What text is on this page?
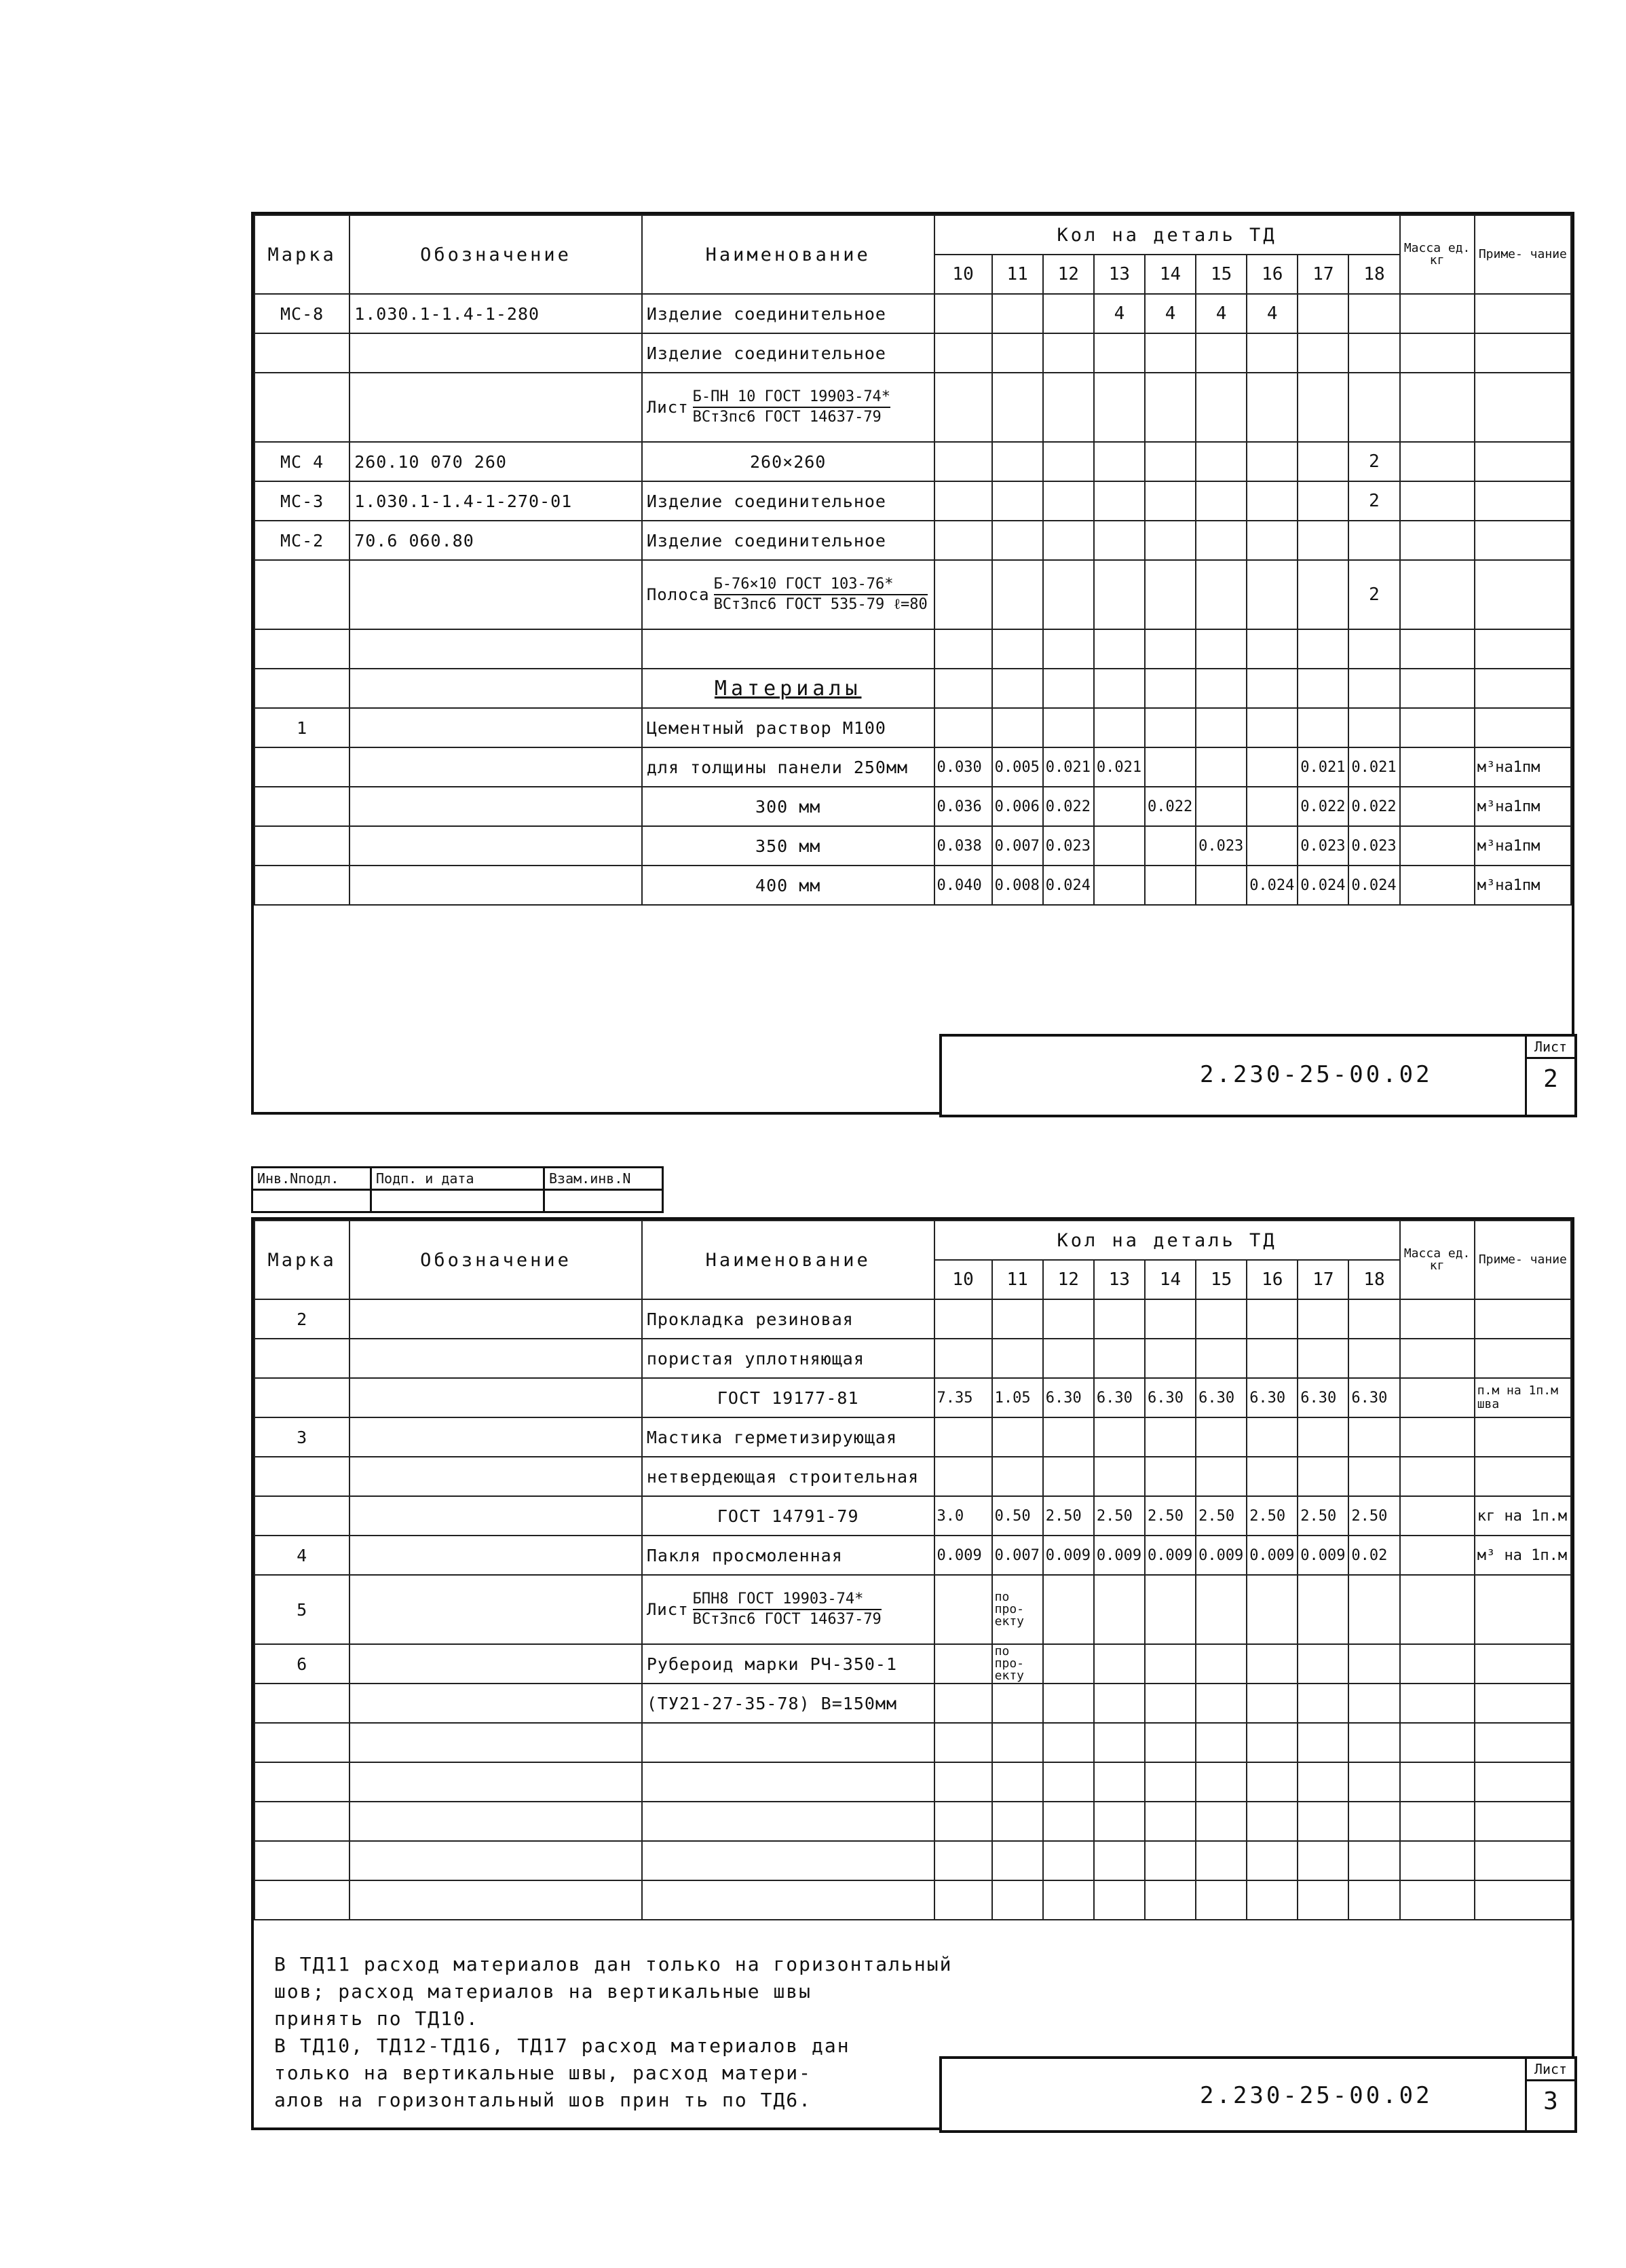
Марка	Обозначение	Наименование	Кол на деталь ТД									Масса ед. кг	Приме- чание
			10	11	12	13	14	15	16	17	18		
МС-8	1.030.1-1.4-1-280	Изделие соединительное				4	4	4	4				
		Изделие соединительное											
		Лист $\frac{\text{Б-ПН 10 ГОСТ 19903-74*}}{\text{ВСт3пс6 ГОСТ 14637-79}}$											
МС 4	260.10 070 260	260×260									2		
МС-3	1.030.1-1.4-1-270-01	Изделие соединительное									2		
МС-2	70.6 060.80	Изделие соединительное											
		Полоса $\frac{\text{Б-76×10 ГОСТ 103-76*}}{\text{ВСт3пс6 ГОСТ 535-79 ℓ=80}}$									2		

		Материалы											
1		Цементный раствор М100											
		для толщины панели 250мм	0.030	0.005	0.021	0.021				0.021	0.021		м³на1пм
		300 мм	0.036	0.006	0.022		0.022			0.022	0.022		м³на1пм
		350 мм	0.038	0.007	0.023			0.023		0.023	0.023		м³на1пм
		400 мм	0.040	0.008	0.024				0.024	0.024	0.024		м³на1пм
2.230-25-00.02
Лист
2
Инв.Nподл.	Подп. и дата	Взам.инв.N

Марка	Обозначение	Наименование	Кол на деталь ТД									Масса ед. кг	Приме- чание
			10	11	12	13	14	15	16	17	18		
2		Прокладка резиновая											
		пористая уплотняющая											
		ГОСТ 19177-81	7.35	1.05	6.30	6.30	6.30	6.30	6.30	6.30	6.30		п.м на 1п.м шва
3		Мастика герметизирующая											
		нетвердеющая строительная											
		ГОСТ 14791-79	3.0	0.50	2.50	2.50	2.50	2.50	2.50	2.50	2.50		кг на 1п.м
4		Пакля просмоленная	0.009	0.007	0.009	0.009	0.009	0.009	0.009	0.009	0.02		м³ на 1п.м
5		Лист $\frac{\text{БПН8 ГОСТ 19903-74*}}{\text{ВСт3пс6 ГОСТ 14637-79}}$		по про- екту									
6		Рубероид марки РЧ-350-1		по про- екту									
		(ТУ21-27-35-78) В=150мм											

В ТД11 расход материалов дан только на горизонтальный
шов; расход материалов на вертикальные швы
принять по ТД10.
В ТД10, ТД12-ТД16, ТД17 расход материалов дан
только на вертикальные швы, расход матери-
алов на горизонтальный шов прин ть по ТД6.	2.230-25-00.02
Лист
3
